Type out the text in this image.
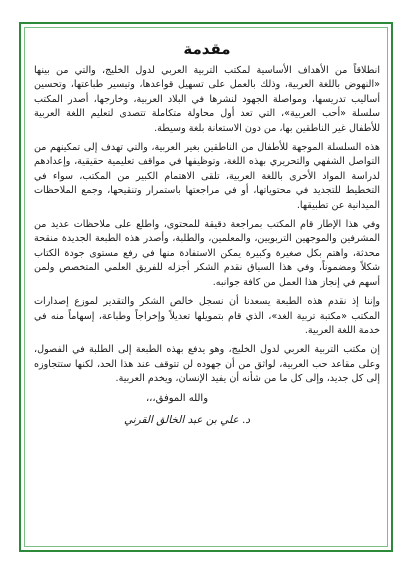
مقدمة

انطلاقاً من الأهداف الأساسية لمكتب التربية العربي لدول الخليج، والتي من بينها «النهوض باللغة العربية، وذلك بالعمل على تسهيل قواعدها، وتيسير طباعتها، وتحسين أساليب تدريسها، ومواصلة الجهود لنشرها في البلاد العربية، وخارجها، أصدر المكتب سلسلة «أحب العربية»، التي تعد أول محاولة متكاملة تتصدى لتعليم اللغة العربية للأطفال غير الناطقين بها، من دون الاستعانة بلغة وسيطة.

هذه السلسلة الموجهة للأطفال من الناطقين بغير العربية، والتي تهدف إلى تمكينهم من التواصل الشفهي والتحريري بهذه اللغة، وتوظيفها في مواقف تعليمية حقيقية، وإعدادهم لدراسة المواد الأخرى باللغة العربية، تلقى الاهتمام الكبير من المكتب، سواء في التخطيط للتجديد في محتوياتها، أو في مراجعتها باستمرار وتنقيحها، وجمع الملاحظات الميدانية عن تطبيقها.

وفي هذا الإطار قام المكتب بمراجعة دقيقة للمحتوى، واطلع على ملاحظات عديد من المشرفين والموجهين التربويين، والمعلمين، والطلبة، وأصدر هذه الطبعة الجديدة منقحة محدثة، واهتم بكل صغيرة وكبيرة يمكن الاستفادة منها في رفع مستوى جودة الكتاب شكلاً ومضموناً، وفي هذا السياق نقدم الشكر أجزله للفريق العلمي المتخصص ولمن أسهم في إنجاز هذا العمل من كافة جوانبه.

وإننا إذ نقدم هذه الطبعة يسعدنا أن نسجل خالص الشكر والتقدير لموزع إصدارات المكتب «مكتبة تربية الغد»، الذي قام بتمويلها تعديلاً وإخراجاً وطباعة، إسهاماً منه في خدمة اللغة العربية.

إن مكتب التربية العربي لدول الخليج، وهو يدفع بهذه الطبعة إلى الطلبة في الفصول، وعلى مقاعد حب العربية، لواثق من أن جهوده لن تتوقف عند هذا الحد، لكنها ستتجاوزه إلى كل جديد، وإلى كل ما من شأنه أن يفيد الإنسان، ويخدم العربية.

والله الموفق،،،
د. علي بن عبد الخالق القرني
